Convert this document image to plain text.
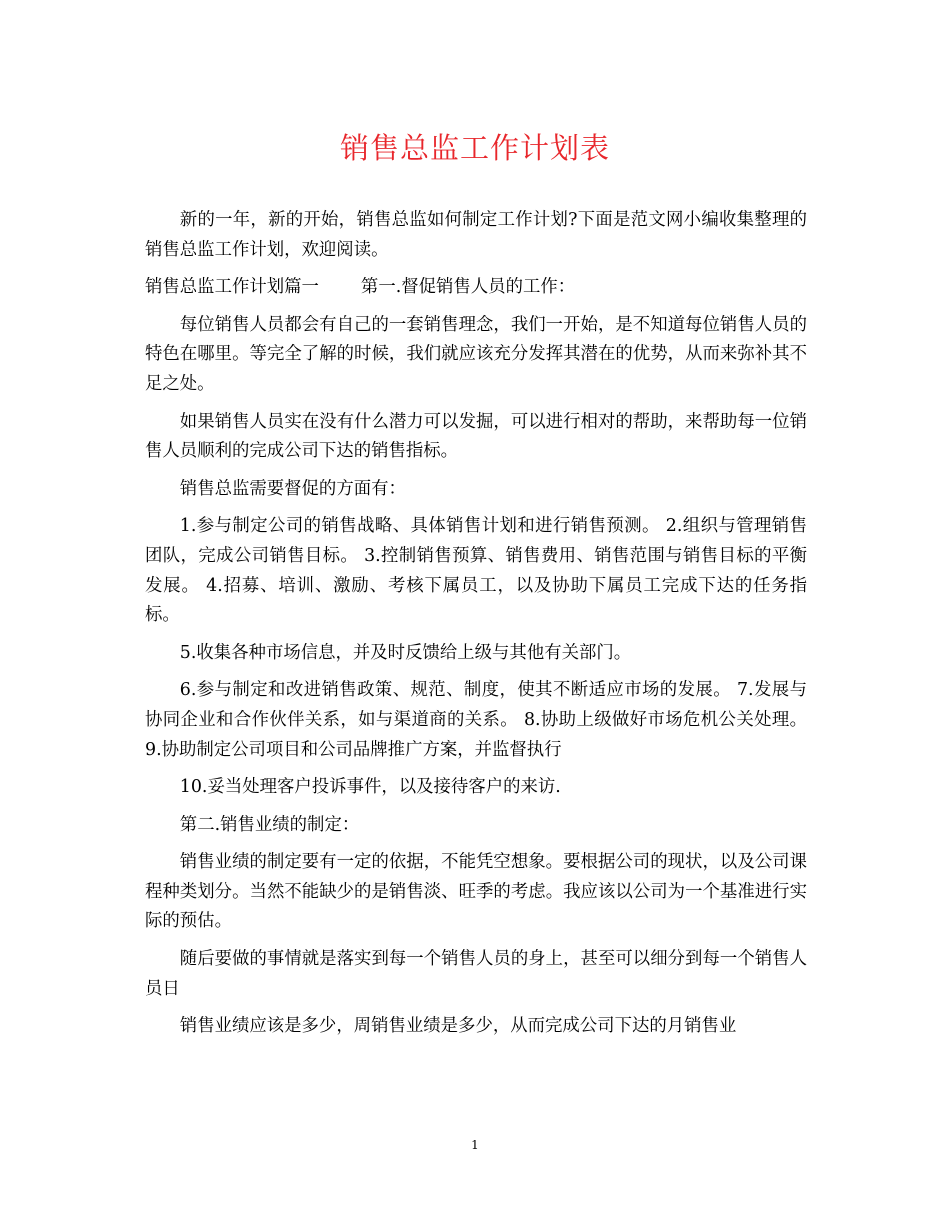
销售总监工作计划表

新的一年，新的开始，销售总监如何制定工作计划?下面是范文网小编收集整理的销售总监工作计划，欢迎阅读。

销售总监工作计划篇一 第一.督促销售人员的工作：

每位销售人员都会有自己的一套销售理念，我们一开始，是不知道每位销售人员的特色在哪里。等完全了解的时候，我们就应该充分发挥其潜在的优势，从而来弥补其不足之处。

如果销售人员实在没有什么潜力可以发掘，可以进行相对的帮助，来帮助每一位销售人员顺利的完成公司下达的销售指标。

销售总监需要督促的方面有：

1.参与制定公司的销售战略、具体销售计划和进行销售预测。 2.组织与管理销售团队，完成公司销售目标。 3.控制销售预算、销售费用、销售范围与销售目标的平衡发展。 4.招募、培训、激励、考核下属员工，以及协助下属员工完成下达的任务指标。

5.收集各种市场信息，并及时反馈给上级与其他有关部门。

6.参与制定和改进销售政策、规范、制度，使其不断适应市场的发展。 7.发展与协同企业和合作伙伴关系，如与渠道商的关系。 8.协助上级做好市场危机公关处理。 9.协助制定公司项目和公司品牌推广方案，并监督执行

10.妥当处理客户投诉事件，以及接待客户的来访.

第二.销售业绩的制定：

销售业绩的制定要有一定的依据，不能凭空想象。要根据公司的现状，以及公司课程种类划分。当然不能缺少的是销售淡、旺季的考虑。我应该以公司为一个基准进行实际的预估。

随后要做的事情就是落实到每一个销售人员的身上，甚至可以细分到每一个销售人员日

销售业绩应该是多少，周销售业绩是多少，从而完成公司下达的月销售业

1
